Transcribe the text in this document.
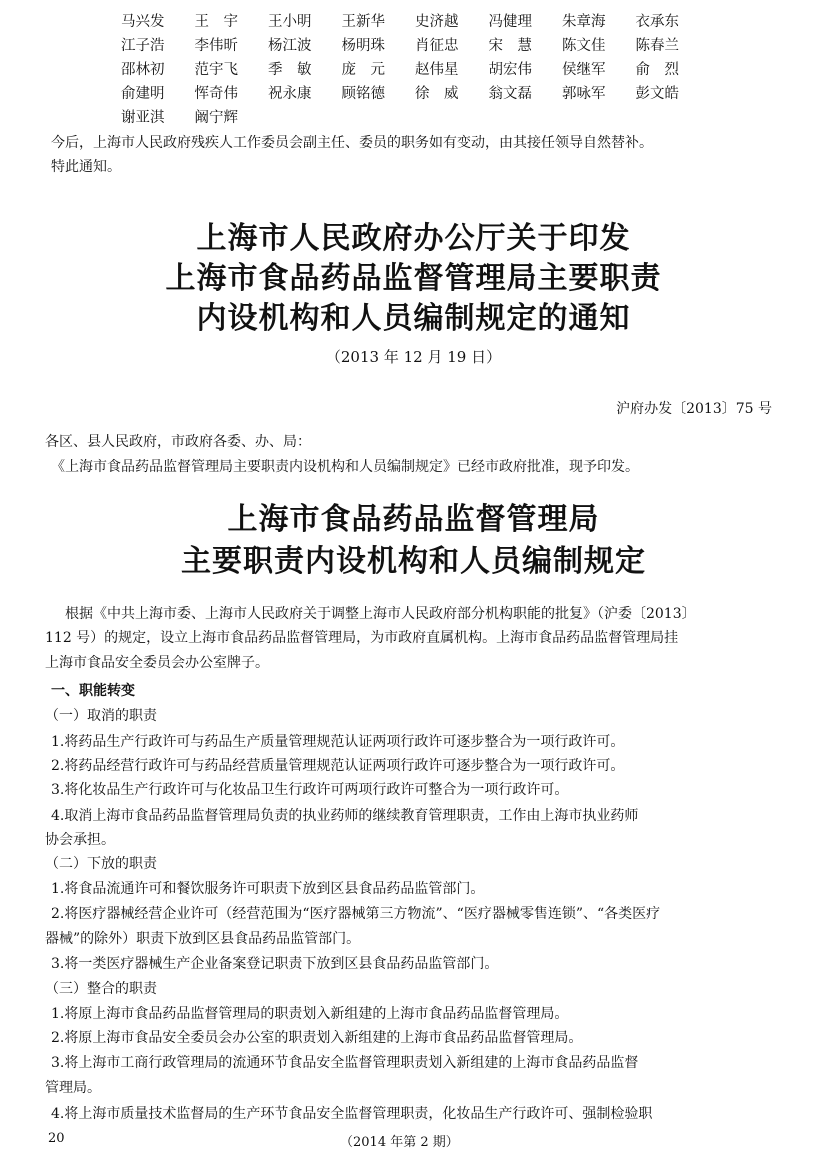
马兴发	王　宇	王小明	王新华	史济越	冯健理	朱章海	衣承东
江子浩	李伟昕	杨江波	杨明珠	肖征忠	宋　慧	陈文佳	陈春兰
邵林初	范宇飞	季　敏	庞　元	赵伟星	胡宏伟	侯继军	俞　烈
俞建明	恽奇伟	祝永康	顾铭德	徐　威	翁文磊	郭咏军	彭文皓
谢亚淇	阚宁辉
今后，上海市人民政府残疾人工作委员会副主任、委员的职务如有变动，由其接任领导自然替补。
特此通知。
上海市人民政府办公厅关于印发
上海市食品药品监督管理局主要职责
内设机构和人员编制规定的通知
（2013 年 12 月 19 日）
沪府办发〔2013〕75 号
各区、县人民政府，市政府各委、办、局：
《上海市食品药品监督管理局主要职责内设机构和人员编制规定》已经市政府批准，现予印发。
上海市食品药品监督管理局
主要职责内设机构和人员编制规定
根据《中共上海市委、上海市人民政府关于调整上海市人民政府部分机构职能的批复》（沪委〔2013〕
112 号）的规定，设立上海市食品药品监督管理局，为市政府直属机构。上海市食品药品监督管理局挂
上海市食品安全委员会办公室牌子。
一、职能转变
（一）取消的职责
1.将药品生产行政许可与药品生产质量管理规范认证两项行政许可逐步整合为一项行政许可。
2.将药品经营行政许可与药品经营质量管理规范认证两项行政许可逐步整合为一项行政许可。
3.将化妆品生产行政许可与化妆品卫生行政许可两项行政许可整合为一项行政许可。
4.取消上海市食品药品监督管理局负责的执业药师的继续教育管理职责，工作由上海市执业药师
协会承担。
（二）下放的职责
1.将食品流通许可和餐饮服务许可职责下放到区县食品药品监管部门。
2.将医疗器械经营企业许可（经营范围为“医疗器械第三方物流”、“医疗器械零售连锁”、“各类医疗
器械”的除外）职责下放到区县食品药品监管部门。
3.将一类医疗器械生产企业备案登记职责下放到区县食品药品监管部门。
（三）整合的职责
1.将原上海市食品药品监督管理局的职责划入新组建的上海市食品药品监督管理局。
2.将原上海市食品安全委员会办公室的职责划入新组建的上海市食品药品监督管理局。
3.将上海市工商行政管理局的流通环节食品安全监督管理职责划入新组建的上海市食品药品监督
管理局。
4.将上海市质量技术监督局的生产环节食品安全监督管理职责，化妆品生产行政许可、强制检验职
20	（2014 年第 2 期）
